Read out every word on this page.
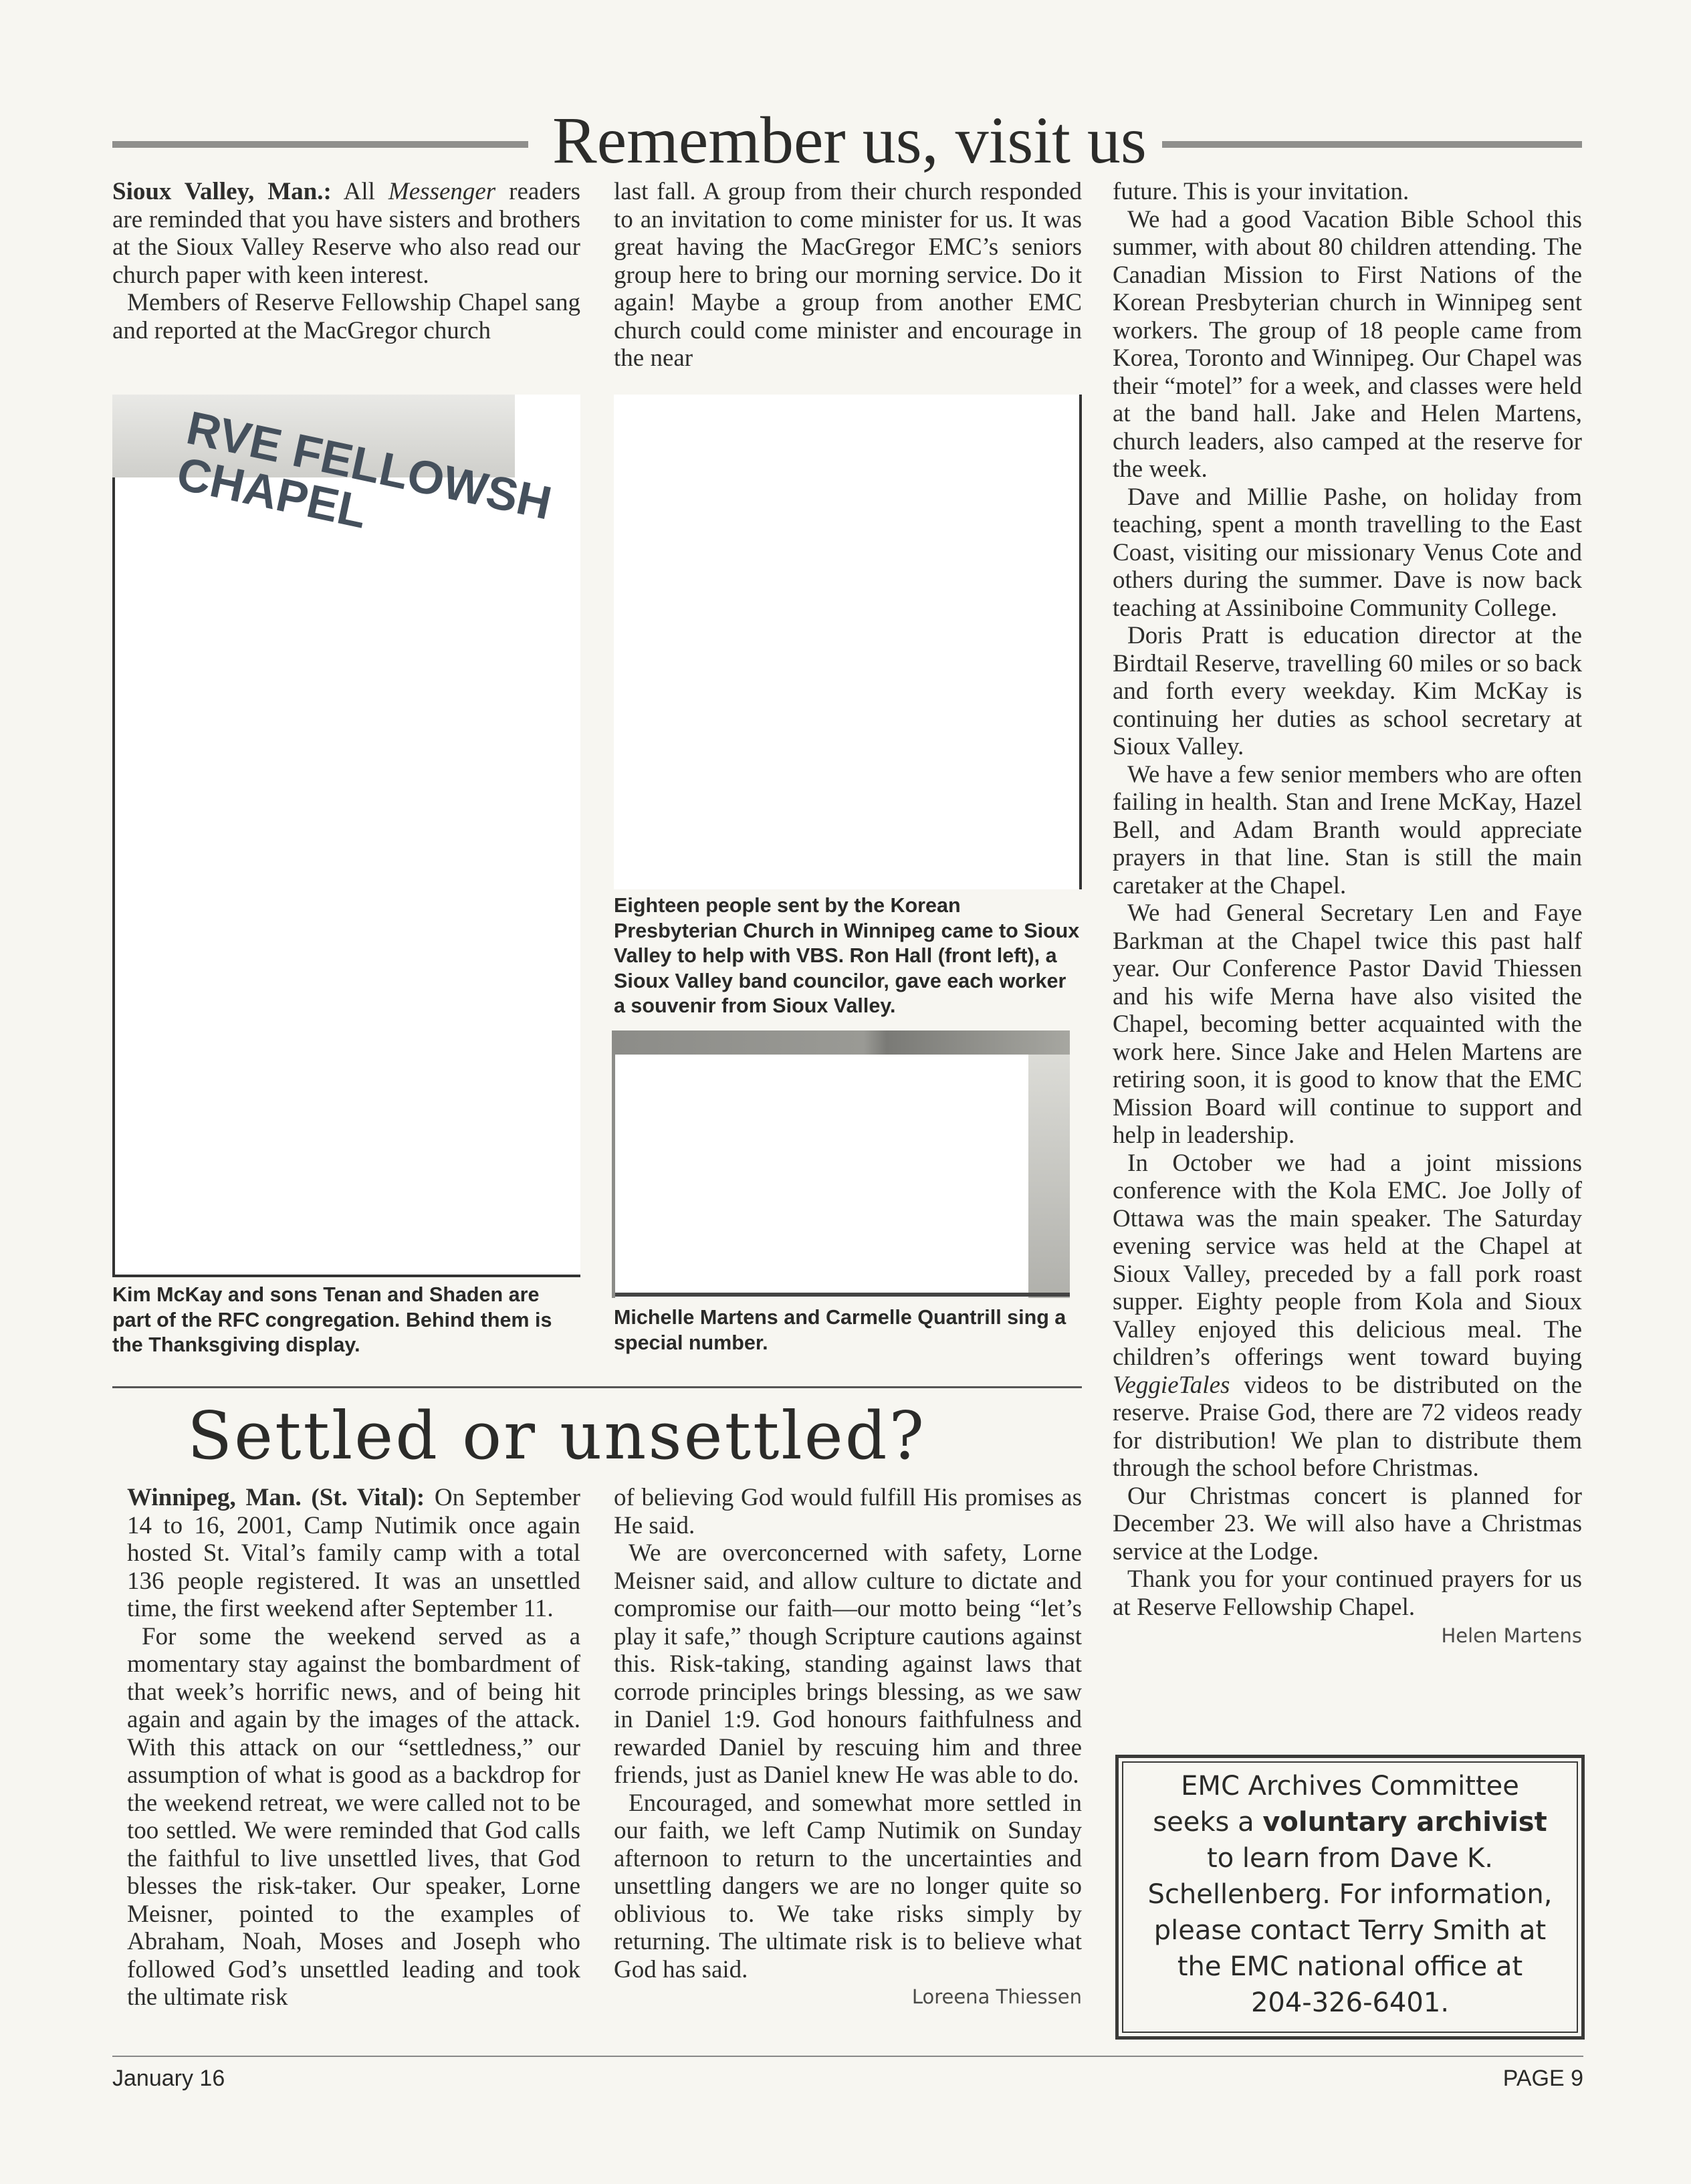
Remember us, visit us

Sioux Valley, Man.: All Messenger readers are reminded that you have sisters and brothers at the Sioux Valley Reserve who also read our church paper with keen interest.

Members of Reserve Fellowship Chapel sang and reported at the MacGregor church

last fall. A group from their church responded to an invitation to come minister for us. It was great having the MacGregor EMC’s seniors group here to bring our morning service. Do it again! Maybe a group from another EMC church could come minister and encourage in the near

future. This is your invitation.

We had a good Vacation Bible School this summer, with about 80 children attending. The Canadian Mission to First Nations of the Korean Presbyterian church in Winnipeg sent workers. The group of 18 people came from Korea, Toronto and Winnipeg. Our Chapel was their “motel” for a week, and classes were held at the band hall. Jake and Helen Martens, church leaders, also camped at the reserve for the week.

Dave and Millie Pashe, on holiday from teaching, spent a month travelling to the East Coast, visiting our missionary Venus Cote and others during the summer. Dave is now back teaching at Assiniboine Community College.

Doris Pratt is education director at the Birdtail Reserve, travelling 60 miles or so back and forth every weekday. Kim McKay is continuing her duties as school secretary at Sioux Valley.

We have a few senior members who are often failing in health. Stan and Irene McKay, Hazel Bell, and Adam Branth would appreciate prayers in that line. Stan is still the main caretaker at the Chapel.

We had General Secretary Len and Faye Barkman at the Chapel twice this past half year. Our Conference Pastor David Thiessen and his wife Merna have also visited the Chapel, becoming better acquainted with the work here. Since Jake and Helen Martens are retiring soon, it is good to know that the EMC Mission Board will continue to support and help in leadership.

In October we had a joint missions conference with the Kola EMC. Joe Jolly of Ottawa was the main speaker. The Saturday evening service was held at the Chapel at Sioux Valley, preceded by a fall pork roast supper. Eighty people from Kola and Sioux Valley enjoyed this delicious meal. The children’s offerings went toward buying VeggieTales videos to be distributed on the reserve. Praise God, there are 72 videos ready for distribution! We plan to distribute them through the school before Christmas.

Our Christmas concert is planned for December 23. We will also have a Christmas service at the Lodge.

Thank you for your continued prayers for us at Reserve Fellowship Chapel.

Helen Martens
RVE FELLOWSH CHAPEL
Kim McKay and sons Tenan and Shaden are part of the RFC congregation. Behind them is the Thanksgiving display.
Eighteen people sent by the Korean Presbyterian Church in Winnipeg came to Sioux Valley to help with VBS. Ron Hall (front left), a Sioux Valley band councilor, gave each worker a souvenir from Sioux Valley.
Michelle Martens and Carmelle Quantrill sing a special number.
Settled or unsettled?

Winnipeg, Man. (St. Vital): On September 14 to 16, 2001, Camp Nutimik once again hosted St. Vital’s family camp with a total 136 people registered. It was an unsettled time, the first weekend after September 11.

For some the weekend served as a momentary stay against the bombardment of that week’s horrific news, and of being hit again and again by the images of the attack. With this attack on our “settledness,” our assumption of what is good as a backdrop for the weekend retreat, we were called not to be too settled. We were reminded that God calls the faithful to live unsettled lives, that God blesses the risk-taker. Our speaker, Lorne Meisner, pointed to the examples of Abraham, Noah, Moses and Joseph who followed God’s unsettled leading and took the ultimate risk

of believing God would fulfill His promises as He said.

We are overconcerned with safety, Lorne Meisner said, and allow culture to dictate and compromise our faith—our motto being “let’s play it safe,” though Scripture cautions against this. Risk-taking, standing against laws that corrode principles brings blessing, as we saw in Daniel 1:9. God honours faithfulness and rewarded Daniel by rescuing him and three friends, just as Daniel knew He was able to do.

Encouraged, and somewhat more settled in our faith, we left Camp Nutimik on Sunday afternoon to return to the uncertainties and unsettling dangers we are no longer quite so oblivious to. We take risks simply by returning. The ultimate risk is to believe what God has said.

Loreena Thiessen
EMC Archives Committee
seeks a voluntary archivist
to learn from Dave K.
Schellenberg. For information,
please contact Terry Smith at
the EMC national office at
204-326-6401.
January 16	PAGE 9
